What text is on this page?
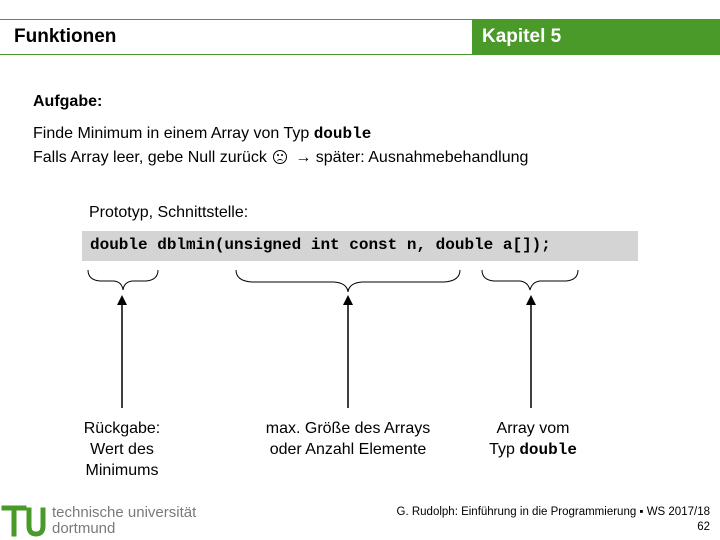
Funktionen	Kapitel 5
Aufgabe:
Finde Minimum in einem Array von Typ double
Falls Array leer, gebe Null zurück → später: Ausnahmebehandlung
Prototyp, Schnittstelle:
double dblmin(unsigned int const n, double a[]);
Rückgabe:
Wert des
Minimums
max. Größe des Arrays
oder Anzahl Elemente
Array vom
Typ double
technische universität
dortmund
G. Rudolph: Einführung in die Programmierung ▪ WS 2017/18
62
